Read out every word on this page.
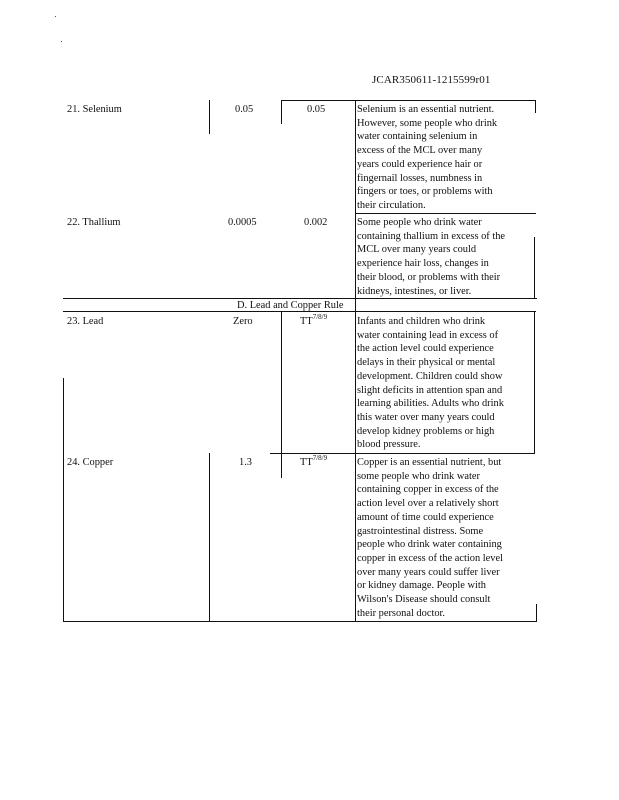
JCAR350611-1215599r01
21. Selenium	0.05	0.05	Selenium is an essential nutrient.
However, some people who drink
water containing selenium in
excess of the MCL over many
years could experience hair or
fingernail losses, numbness in
fingers or toes, or problems with
their circulation.
22. Thallium	0.0005	0.002	Some people who drink water
containing thallium in excess of the
MCL over many years could
experience hair loss, changes in
their blood, or problems with their
kidneys, intestines, or liver.
D. Lead and Copper Rule
23. Lead	Zero	$TT^{7/8/9}$	Infants and children who drink
water containing lead in excess of
the action level could experience
delays in their physical or mental
development. Children could show
slight deficits in attention span and
learning abilities. Adults who drink
this water over many years could
develop kidney problems or high
blood pressure.
24. Copper	1.3	$TT^{7/8/9}$	Copper is an essential nutrient, but
some people who drink water
containing copper in excess of the
action level over a relatively short
amount of time could experience
gastrointestinal distress. Some
people who drink water containing
copper in excess of the action level
over many years could suffer liver
or kidney damage. People with
Wilson's Disease should consult
their personal doctor.
